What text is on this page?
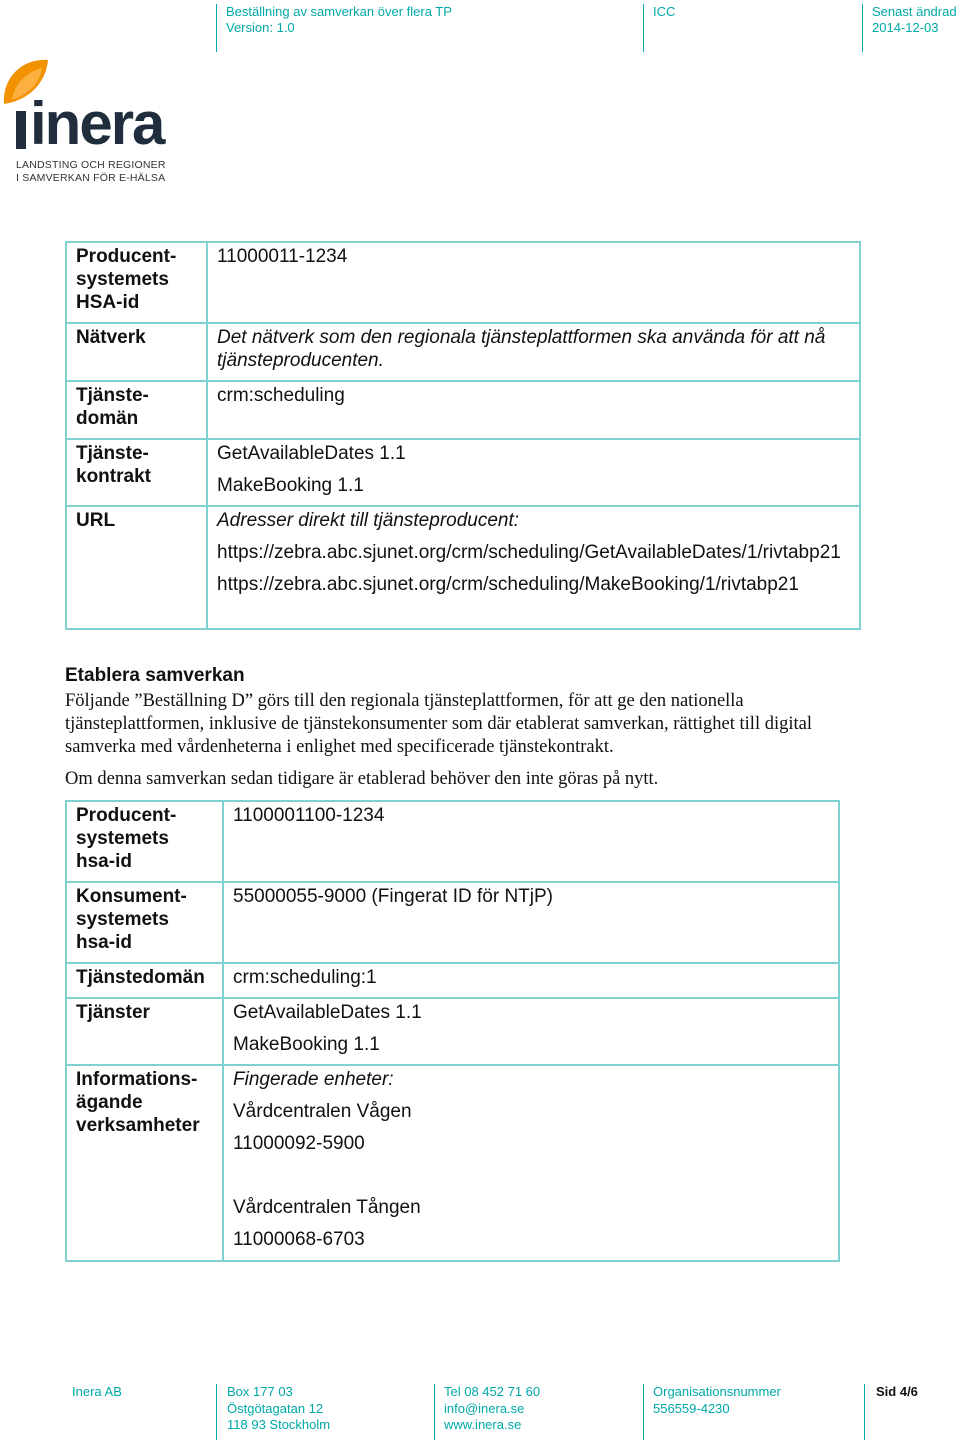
Beställning av samverkan över flera TP
Version: 1.0
ICC	Senast ändrad
2014-12-03
inera
LANDSTING OCH REGIONER
I SAMVERKAN FÖR E-HÄLSA
Producent-systemets HSA-id	11000011-1234
Nätverk	Det nätverk som den regionala tjänsteplattformen ska använda för att nå tjänsteproducenten.
Tjänste-domän	crm:scheduling
Tjänste-kontrakt	GetAvailableDates 1.1
MakeBooking 1.1

URL	Adresser direkt till tjänsteproducent:
https://zebra.abc.sjunet.org/crm/scheduling/GetAvailableDates/1/rivtabp21
https://zebra.abc.sjunet.org/crm/scheduling/MakeBooking/1/rivtabp21
Etablera samverkan
Följande ”Beställning D” görs till den regionala tjänsteplattformen, för att ge den nationella tjänsteplattformen, inklusive de tjänstekonsumenter som där etablerat samverkan, rättighet till digital samverka med vårdenheterna i enlighet med specificerade tjänstekontrakt.
Om denna samverkan sedan tidigare är etablerad behöver den inte göras på nytt.
Producent-systemets hsa-id	1100001100-1234
Konsument-systemets hsa-id	55000055-9000 (Fingerat ID för NTjP)
Tjänstedomän	crm:scheduling:1
Tjänster	GetAvailableDates 1.1
MakeBooking 1.1

Informations-ägande verksamheter	Fingerade enheter:
Vårdcentralen Vågen
11000092-5900
Vårdcentralen Tången
11000068-6703
Inera AB	Box 177 03
Östgötagatan 12
118 93 Stockholm
Tel 08 452 71 60
info@inera.se
www.inera.se
Organisationsnummer
556559-4230
Sid 4/6
